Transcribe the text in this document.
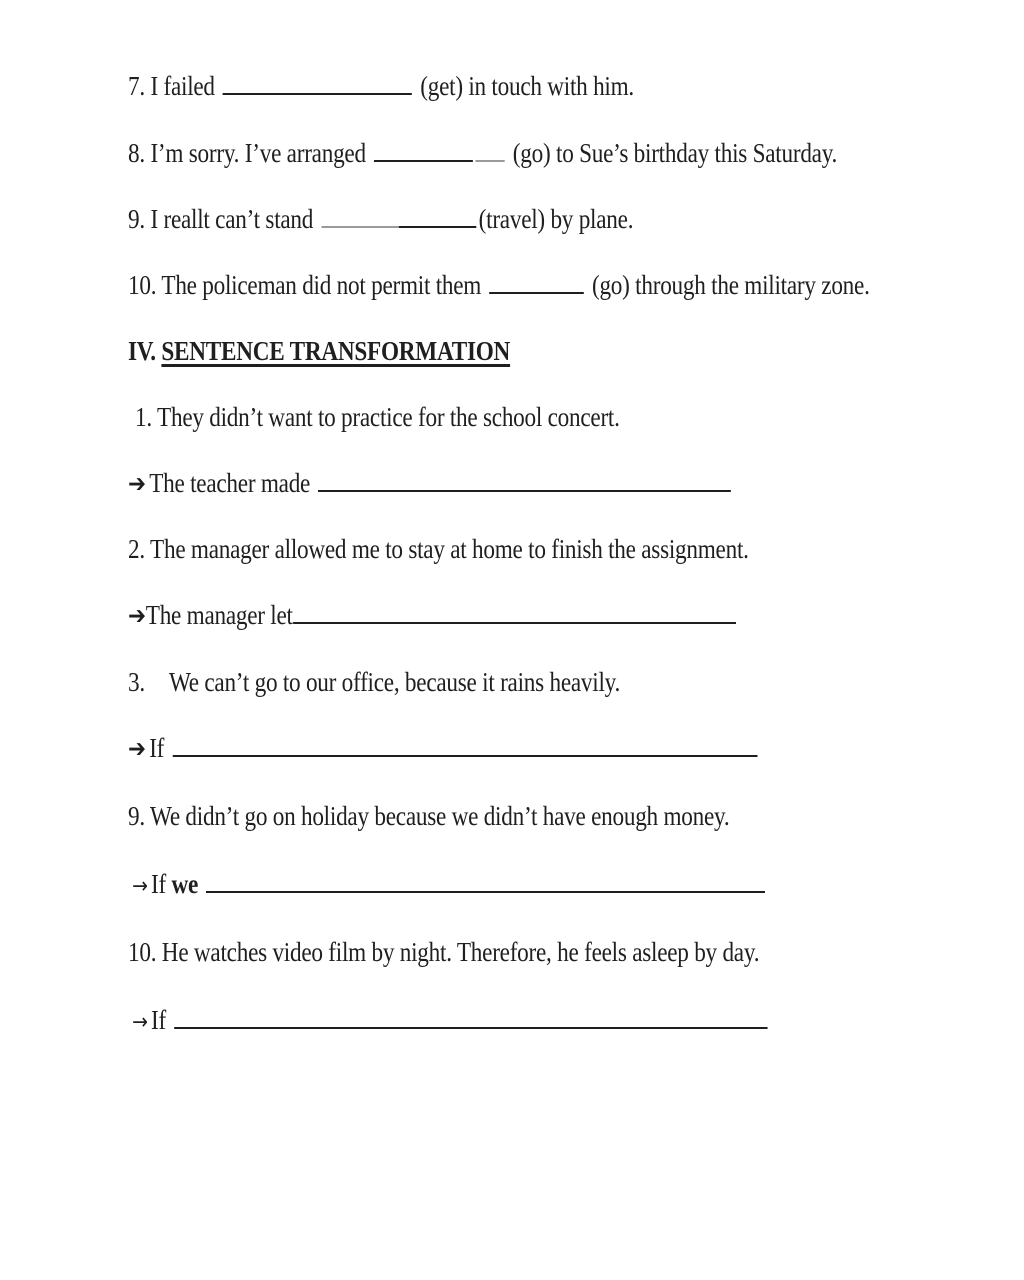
7. I failed	(get) in touch with him.
8. I’m sorry. I’ve arranged	(go) to Sue’s birthday this Saturday.
9. I reallt can’t stand	(travel) by plane.
10. The policeman did not permit them	(go) through the military zone.
IV. SENTENCE TRANSFORMATION
1. They didn’t want to practice for the school concert.
➔ The teacher made
2. The manager allowed me to stay at home to finish the assignment.
➔The manager let
3. We can’t go to our office, because it rains heavily.
➔ If
9. We didn’t go on holiday because we didn’t have enough money.
→ If we
10. He watches video film by night. Therefore, he feels asleep by day.
→ If
